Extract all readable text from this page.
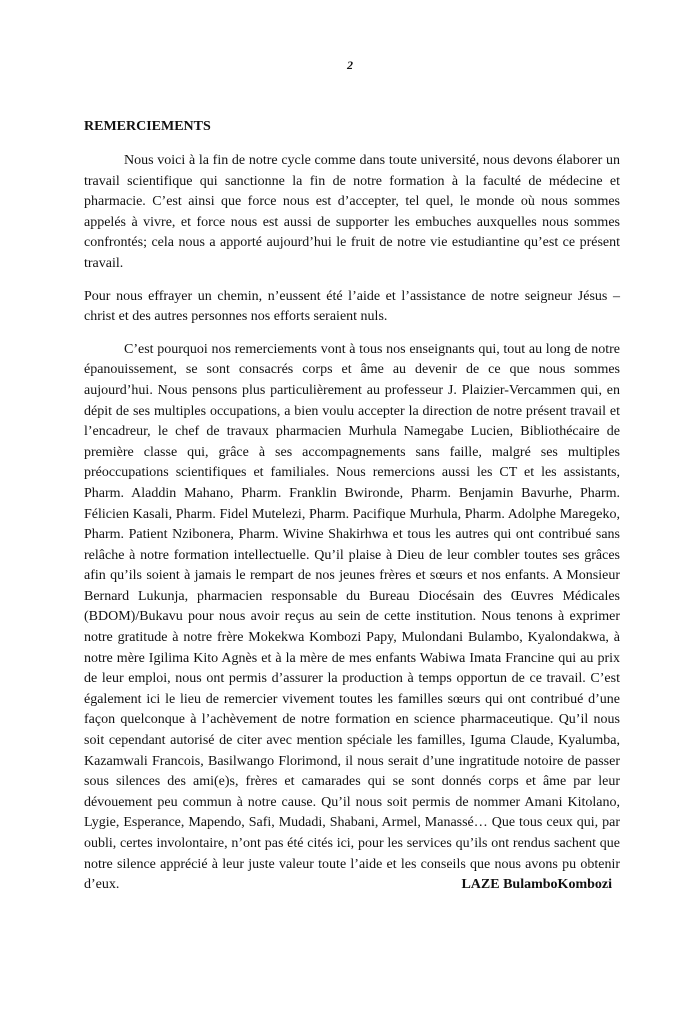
2
REMERCIEMENTS

Nous voici à la fin de notre cycle comme dans toute université, nous devons élaborer un travail scientifique qui sanctionne la fin de notre formation à la faculté de médecine et pharmacie. C’est ainsi que force nous est d’accepter, tel quel, le monde où nous sommes appelés à vivre, et force nous est aussi de supporter les embuches auxquelles nous sommes confrontés; cela nous a apporté aujourd’hui le fruit de notre vie estudiantine qu’est ce présent travail.

Pour nous effrayer un chemin, n’eussent été l’aide et l’assistance de notre seigneur Jésus – christ et des autres personnes nos efforts seraient nuls.

C’est pourquoi nos remerciements vont à tous nos enseignants qui, tout au long de notre épanouissement, se sont consacrés corps et âme au devenir de ce que nous sommes aujourd’hui. Nous pensons plus particulièrement au professeur J. Plaizier-Vercammen qui, en dépit de ses multiples occupations, a bien voulu accepter la direction de notre présent travail et l’encadreur, le chef de travaux pharmacien Murhula Namegabe Lucien, Bibliothécaire de première classe qui, grâce à ses accompagnements sans faille, malgré ses multiples préoccupations scientifiques et familiales. Nous remercions aussi les CT et les assistants, Pharm. Aladdin Mahano, Pharm. Franklin Bwironde, Pharm. Benjamin Bavurhe, Pharm. Félicien Kasali, Pharm. Fidel Mutelezi, Pharm. Pacifique Murhula, Pharm. Adolphe Maregeko, Pharm. Patient Nzibonera, Pharm. Wivine Shakirhwa et tous les autres qui ont contribué sans relâche à notre formation intellectuelle. Qu’il plaise à Dieu de leur combler toutes ses grâces afin qu’ils soient à jamais le rempart de nos jeunes frères et sœurs et nos enfants. A Monsieur Bernard Lukunja, pharmacien responsable du Bureau Diocésain des Œuvres Médicales (BDOM)/Bukavu pour nous avoir reçus au sein de cette institution. Nous tenons à exprimer notre gratitude à notre frère Mokekwa Kombozi Papy, Mulondani Bulambo, Kyalondakwa, à notre mère Igilima Kito Agnès et à la mère de mes enfants Wabiwa Imata Francine qui au prix de leur emploi, nous ont permis d’assurer la production à temps opportun de ce travail. C’est également ici le lieu de remercier vivement toutes les familles sœurs qui ont contribué d’une façon quelconque à l’achèvement de notre formation en science pharmaceutique. Qu’il nous soit cependant autorisé de citer avec mention spéciale les familles, Iguma Claude, Kyalumba, Kazamwali Francois, Basilwango Florimond, il nous serait d’une ingratitude notoire de passer sous silences des ami(e)s, frères et camarades qui se sont donnés corps et âme par leur dévouement peu commun à notre cause. Qu’il nous soit permis de nommer Amani Kitolano, Lygie, Esperance, Mapendo, Safi, Mudadi, Shabani, Armel, Manassé… Que tous ceux qui, par oubli, certes involontaire, n’ont pas été cités ici, pour les services qu’ils ont rendus sachent que notre silence apprécié à leur juste valeur toute l’aide et les conseils que nous avons pu obtenir d’eux.	LAZE BulamboKombozi
